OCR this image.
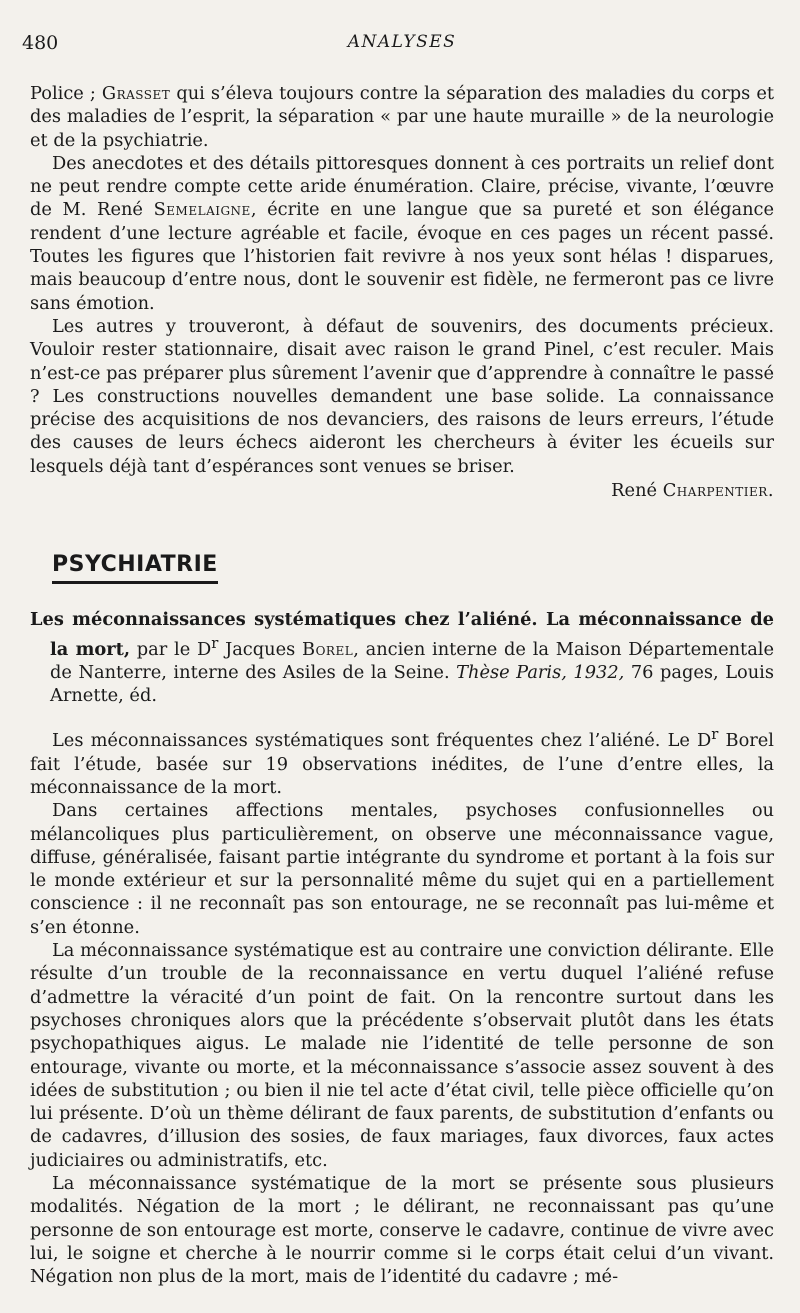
480	ANALYSES

Police ; Grasset qui s’éleva toujours contre la séparation des maladies du corps et des maladies de l’esprit, la séparation « par une haute muraille » de la neurologie et de la psychiatrie.

Des anecdotes et des détails pittoresques donnent à ces portraits un relief dont ne peut rendre compte cette aride énumération. Claire, précise, vivante, l’œuvre de M. René Semelaigne, écrite en une langue que sa pureté et son élégance rendent d’une lecture agréable et facile, évoque en ces pages un récent passé. Toutes les figures que l’historien fait revivre à nos yeux sont hélas ! disparues, mais beaucoup d’entre nous, dont le souvenir est fidèle, ne fermeront pas ce livre sans émotion.

Les autres y trouveront, à défaut de souvenirs, des documents précieux. Vouloir rester stationnaire, disait avec raison le grand Pinel, c’est reculer. Mais n’est-ce pas préparer plus sûrement l’avenir que d’apprendre à connaître le passé ? Les constructions nouvelles demandent une base solide. La connaissance précise des acquisitions de nos devanciers, des raisons de leurs erreurs, l’étude des causes de leurs échecs aideront les chercheurs à éviter les écueils sur lesquels déjà tant d’espérances sont venues se briser.

René Charpentier.
PSYCHIATRIE

Les méconnaissances systématiques chez l’aliéné. La méconnaissance de la mort, par le $D^r$ Jacques Borel, ancien interne de la Maison Départementale de Nanterre, interne des Asiles de la Seine. Thèse Paris, 1932, 76 pages, Louis Arnette, éd.

Les méconnaissances systématiques sont fréquentes chez l’aliéné. Le $D^r$ Borel fait l’étude, basée sur 19 observations inédites, de l’une d’entre elles, la méconnaissance de la mort.

Dans certaines affections mentales, psychoses confusionnelles ou mélancoliques plus particulièrement, on observe une méconnaissance vague, diffuse, généralisée, faisant partie intégrante du syndrome et portant à la fois sur le monde extérieur et sur la personnalité même du sujet qui en a partiellement conscience : il ne reconnaît pas son entourage, ne se reconnaît pas lui-même et s’en étonne.

La méconnaissance systématique est au contraire une conviction délirante. Elle résulte d’un trouble de la reconnaissance en vertu duquel l’aliéné refuse d’admettre la véracité d’un point de fait. On la rencontre surtout dans les psychoses chroniques alors que la précédente s’observait plutôt dans les états psychopathiques aigus. Le malade nie l’identité de telle personne de son entourage, vivante ou morte, et la méconnaissance s’associe assez souvent à des idées de substitution ; ou bien il nie tel acte d’état civil, telle pièce officielle qu’on lui présente. D’où un thème délirant de faux parents, de substitution d’enfants ou de cadavres, d’illusion des sosies, de faux mariages, faux divorces, faux actes judiciaires ou administratifs, etc.

La méconnaissance systématique de la mort se présente sous plusieurs modalités. Négation de la mort ; le délirant, ne reconnaissant pas qu’une personne de son entourage est morte, conserve le cadavre, continue de vivre avec lui, le soigne et cherche à le nourrir comme si le corps était celui d’un vivant. Négation non plus de la mort, mais de l’identité du cadavre ; mé-
